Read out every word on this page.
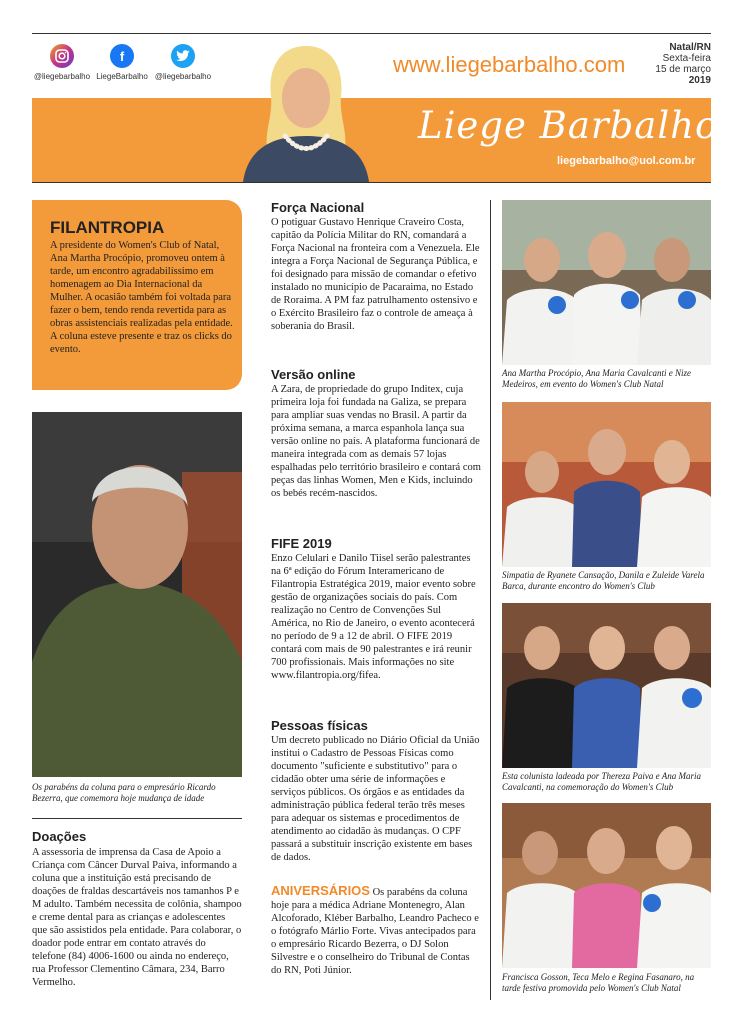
@liegebarbalho
f
LiegeBarbalho @liegebarbalho	www.liegebarbalho.com
Natal/RN
Sexta-feira
15 de março
2019
Liege Barbalho
liegebarbalho@uol.com.br
FILANTROPIA
A presidente do Women's Club of Natal, Ana Martha Procópio, promoveu ontem à tarde, um encontro agradabilíssimo em homenagem ao Dia Internacional da Mulher. A ocasião também foi voltada para fazer o bem, tendo renda revertida para as obras assistenciais realizadas pela entidade. A coluna esteve presente e traz os clicks do evento.
Os parabéns da coluna para o empresário Ricardo Bezerra, que comemora hoje mudança de idade
Doações
A assessoria de imprensa da Casa de Apoio a Criança com Câncer Durval Paiva, informando a coluna que a instituição está precisando de doações de fraldas descartáveis nos tamanhos P e M adulto. Também necessita de colônia, shampoo e creme dental para as crianças e adolescentes que são assistidos pela entidade. Para colaborar, o doador pode entrar em contato através do telefone (84) 4006-1600 ou ainda no endereço, rua Professor Clementino Câmara, 234, Barro Vermelho.
Força Nacional
O potiguar Gustavo Henrique Craveiro Costa, capitão da Polícia Militar do RN, comandará a Força Nacional na fronteira com a Venezuela. Ele integra a Força Nacional de Segurança Pública, e foi designado para missão de comandar o efetivo instalado no município de Pacaraima, no Estado de Roraima. A PM faz patrulhamento ostensivo e o Exército Brasileiro faz o controle de ameaça à soberania do Brasil.
Versão online
A Zara, de propriedade do grupo Inditex, cuja primeira loja foi fundada na Galiza, se prepara para ampliar suas vendas no Brasil. A partir da próxima semana, a marca espanhola lança sua versão online no país. A plataforma funcionará de maneira integrada com as demais 57 lojas espalhadas pelo território brasileiro e contará com peças das linhas Women, Men e Kids, incluindo os bebés recém-nascidos.
FIFE 2019
Enzo Celulari e Danilo Tiisel serão palestrantes na 6ª edição do Fórum Interamericano de Filantropia Estratégica 2019, maior evento sobre gestão de organizações sociais do país. Com realização no Centro de Convenções Sul América, no Rio de Janeiro, o evento acontecerá no período de 9 a 12 de abril. O FIFE 2019 contará com mais de 90 palestrantes e irá reunir 700 profissionais. Mais informações no site www.filantropia.org/fifea.
Pessoas físicas
Um decreto publicado no Diário Oficial da União institui o Cadastro de Pessoas Físicas como documento "suficiente e substitutivo" para o cidadão obter uma série de informações e serviços públicos. Os órgãos e as entidades da administração pública federal terão três meses para adequar os sistemas e procedimentos de atendimento ao cidadão às mudanças. O CPF passará a substituir inscrição existente em bases de dados.
ANIVERSÁRIOS Os parabéns da coluna hoje para a médica Adriane Montenegro, Alan Alcoforado, Kléber Barbalho, Leandro Pacheco e o fotógrafo Márlio Forte. Vivas antecipados para o empresário Ricardo Bezerra, o DJ Solon Silvestre e o conselheiro do Tribunal de Contas do RN, Poti Júnior.
Ana Martha Procópio, Ana Maria Cavalcanti e Nize Medeiros, em evento do Women's Club Natal
Simpatia de Ryanete Cansação, Danila e Zuleide Varela Barca, durante encontro do Women's Club
Esta colunista ladeada por Thereza Paiva e Ana Maria Cavalcanti, na comemoração do Women's Club
Francisca Gosson, Teca Melo e Regina Fasanaro, na tarde festiva promovida pelo Women's Club Natal
